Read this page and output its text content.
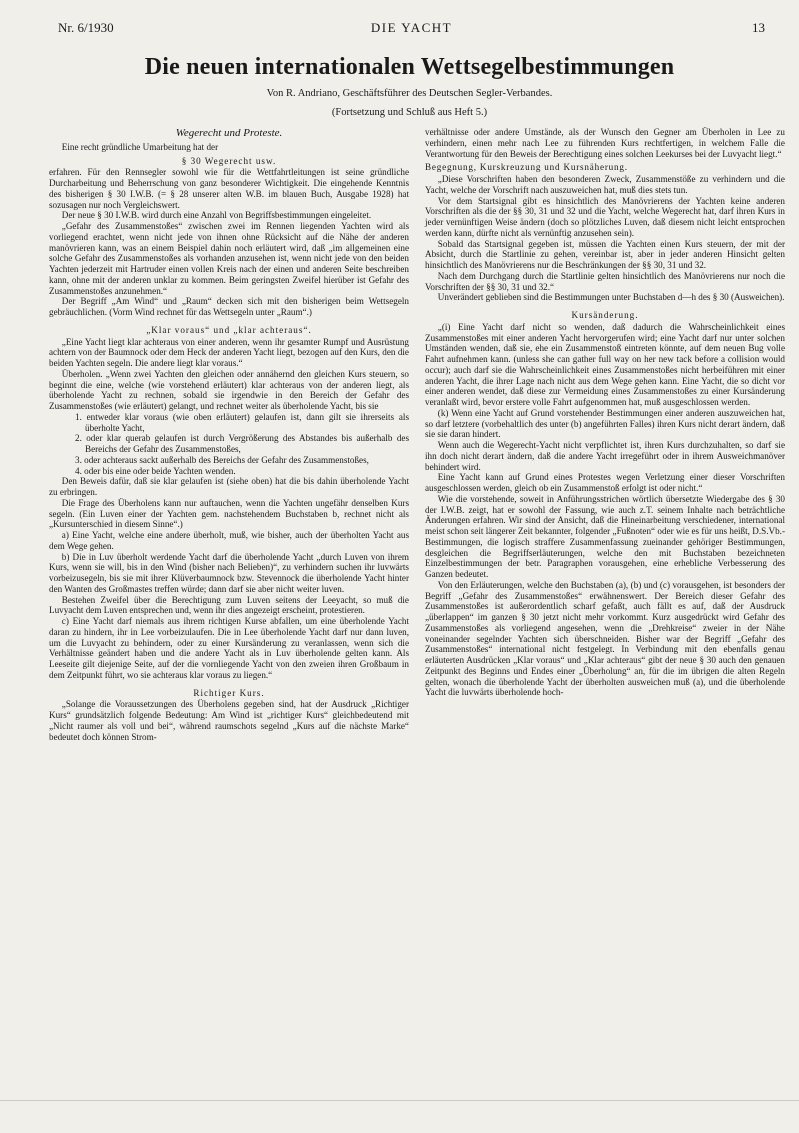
Nr. 6/1930	DIE YACHT	13
Die neuen internationalen Wettsegelbestimmungen
Von R. Andriano, Geschäftsführer des Deutschen Segler-Verbandes.
(Fortsetzung und Schluß aus Heft 5.)
Wegerecht und Proteste.

Eine recht gründliche Umarbeitung hat der

§ 30 Wegerecht usw.

erfahren. Für den Rennsegler sowohl wie für die Wettfahrtleitungen ist seine gründliche Durcharbeitung und Beherrschung von ganz besonderer Wichtigkeit. Die eingehende Kenntnis des bisherigen § 30 I.W.B. (= § 28 unserer alten W.B. im blauen Buch, Ausgabe 1928) hat sozusagen nur noch Vergleichswert.

Der neue § 30 I.W.B. wird durch eine Anzahl von Begriffsbestimmungen eingeleitet.

„Gefahr des Zusammenstoßes“ zwischen zwei im Rennen liegenden Yachten wird als vorliegend erachtet, wenn nicht jede von ihnen ohne Rücksicht auf die Nähe der anderen manövrieren kann, was an einem Beispiel dahin noch erläutert wird, daß „im allgemeinen eine solche Gefahr des Zusammenstoßes als vorhanden anzusehen ist, wenn nicht jede von den beiden Yachten jederzeit mit Hartruder einen vollen Kreis nach der einen und anderen Seite beschreiben kann, ohne mit der anderen unklar zu kommen. Beim geringsten Zweifel hierüber ist Gefahr des Zusammenstoßes anzunehmen.“

Der Begriff „Am Wind“ und „Raum“ decken sich mit den bisherigen beim Wettsegeln gebräuchlichen. (Vorm Wind rechnet für das Wettsegeln unter „Raum“.)

„Klar voraus“ und „klar achteraus“.

„Eine Yacht liegt klar achteraus von einer anderen, wenn ihr gesamter Rumpf und Ausrüstung achtern von der Baumnock oder dem Heck der anderen Yacht liegt, bezogen auf den Kurs, den die beiden Yachten segeln. Die andere liegt klar voraus.“

Überholen. „Wenn zwei Yachten den gleichen oder annähernd den gleichen Kurs steuern, so beginnt die eine, welche (wie vorstehend erläutert) klar achteraus von der anderen liegt, als überholende Yacht zu rechnen, sobald sie irgendwie in den Bereich der Gefahr des Zusammenstoßes (wie erläutert) gelangt, und rechnet weiter als überholende Yacht, bis sie

1. entweder klar voraus (wie oben erläutert) gelaufen ist, dann gilt sie ihrerseits als überholte Yacht,
2. oder klar querab gelaufen ist durch Vergrößerung des Abstandes bis außerhalb des Bereichs der Gefahr des Zusammenstoßes,
3. oder achteraus sackt außerhalb des Bereichs der Gefahr des Zusammenstoßes,
4. oder bis eine oder beide Yachten wenden.

Den Beweis dafür, daß sie klar gelaufen ist (siehe oben) hat die bis dahin überholende Yacht zu erbringen.

Die Frage des Überholens kann nur auftauchen, wenn die Yachten ungefähr denselben Kurs segeln. (Ein Luven einer der Yachten gem. nachstehendem Buchstaben b, rechnet nicht als „Kursunterschied in diesem Sinne“.)

a) Eine Yacht, welche eine andere überholt, muß, wie bisher, auch der überholten Yacht aus dem Wege gehen.

b) Die in Luv überholt werdende Yacht darf die überholende Yacht „durch Luven von ihrem Kurs, wenn sie will, bis in den Wind (bisher nach Belieben)“, zu verhindern suchen ihr luvwärts vorbeizusegeln, bis sie mit ihrer Klüverbaumnock bzw. Stevennock die überholende Yacht hinter den Wanten des Großmastes treffen würde; dann darf sie aber nicht weiter luven.

Bestehen Zweifel über die Berechtigung zum Luven seitens der Leeyacht, so muß die Luvyacht dem Luven entsprechen und, wenn ihr dies angezeigt erscheint, protestieren.

c) Eine Yacht darf niemals aus ihrem richtigen Kurse abfallen, um eine überholende Yacht daran zu hindern, ihr in Lee vorbeizulaufen. Die in Lee überholende Yacht darf nur dann luven, um die Luvyacht zu behindern, oder zu einer Kursänderung zu veranlassen, wenn sich die Verhältnisse geändert haben und die andere Yacht als in Luv überholende gelten kann. Als Leeseite gilt diejenige Seite, auf der die vornliegende Yacht von den zweien ihren Großbaum in dem Zeitpunkt führt, wo sie achteraus klar voraus zu liegen.“

Richtiger Kurs.

„Solange die Voraussetzungen des Überholens gegeben sind, hat der Ausdruck „Richtiger Kurs“ grundsätzlich folgende Bedeutung: Am Wind ist „richtiger Kurs“ gleichbedeutend mit „Nicht raumer als voll und bei“, während raumschots segelnd „Kurs auf die nächste Marke“ bedeutet doch können Strom-

verhältnisse oder andere Umstände, als der Wunsch den Gegner am Überholen in Lee zu verhindern, einen mehr nach Lee zu führenden Kurs rechtfertigen, in welchem Falle die Verantwortung für den Beweis der Berechtigung eines solchen Leekurses bei der Luvyacht liegt.“

Begegnung, Kurskreuzung und Kursnäherung.

„Diese Vorschriften haben den besonderen Zweck, Zusammenstöße zu verhindern und die Yacht, welche der Vorschrift nach auszuweichen hat, muß dies stets tun.

Vor dem Startsignal gibt es hinsichtlich des Manövrierens der Yachten keine anderen Vorschriften als die der §§ 30, 31 und 32 und die Yacht, welche Wegerecht hat, darf ihren Kurs in jeder vernünftigen Weise ändern (doch so plötzliches Luven, daß diesem nicht leicht entsprochen werden kann, dürfte nicht als vernünftig anzusehen sein).

Sobald das Startsignal gegeben ist, müssen die Yachten einen Kurs steuern, der mit der Absicht, durch die Startlinie zu gehen, vereinbar ist, aber in jeder anderen Hinsicht gelten hinsichtlich des Manövrierens nur die Beschränkungen der §§ 30, 31 und 32.

Nach dem Durchgang durch die Startlinie gelten hinsichtlich des Manövrierens nur noch die Vorschriften der §§ 30, 31 und 32.“

Unverändert geblieben sind die Bestimmungen unter Buchstaben d—h des § 30 (Ausweichen).

Kursänderung.

„(i) Eine Yacht darf nicht so wenden, daß dadurch die Wahrscheinlichkeit eines Zusammenstoßes mit einer anderen Yacht hervorgerufen wird; eine Yacht darf nur unter solchen Umständen wenden, daß sie, ehe ein Zusammenstoß eintreten könnte, auf dem neuen Bug volle Fahrt aufnehmen kann. (unless she can gather full way on her new tack before a collision would occur); auch darf sie die Wahrscheinlichkeit eines Zusammenstoßes nicht herbeiführen mit einer anderen Yacht, die ihrer Lage nach nicht aus dem Wege gehen kann. Eine Yacht, die so dicht vor einer anderen wendet, daß diese zur Vermeidung eines Zusammenstoßes zu einer Kursänderung veranlaßt wird, bevor erstere volle Fahrt aufgenommen hat, muß ausgeschlossen werden.

(k) Wenn eine Yacht auf Grund vorstehender Bestimmungen einer anderen auszuweichen hat, so darf letztere (vorbehaltlich des unter (b) angeführten Falles) ihren Kurs nicht derart ändern, daß sie sie daran hindert.

Wenn auch die Wegerecht-Yacht nicht verpflichtet ist, ihren Kurs durchzuhalten, so darf sie ihn doch nicht derart ändern, daß die andere Yacht irregeführt oder in ihrem Ausweichmanöver behindert wird.

Eine Yacht kann auf Grund eines Protestes wegen Verletzung einer dieser Vorschriften ausgeschlossen werden, gleich ob ein Zusammenstoß erfolgt ist oder nicht.“

Wie die vorstehende, soweit in Anführungsstrichen wörtlich übersetzte Wiedergabe des § 30 der I.W.B. zeigt, hat er sowohl der Fassung, wie auch z.T. seinem Inhalte nach beträchtliche Änderungen erfahren. Wir sind der Ansicht, daß die Hineinarbeitung verschiedener, international meist schon seit längerer Zeit bekannter, folgender „Fußnoten“ oder wie es für uns heißt, D.S.Vb.-Bestimmungen, die logisch straffere Zusammenfassung zueinander gehöriger Bestimmungen, desgleichen die Begriffserläuterungen, welche den mit Buchstaben bezeichneten Einzelbestimmungen der betr. Paragraphen vorausgehen, eine erhebliche Verbesserung des Ganzen bedeutet.

Von den Erläuterungen, welche den Buchstaben (a), (b) und (c) vorausgehen, ist besonders der Begriff „Gefahr des Zusammenstoßes“ erwähnenswert. Der Bereich dieser Gefahr des Zusammenstoßes ist außerordentlich scharf gefaßt, auch fällt es auf, daß der Ausdruck „überlappen“ im ganzen § 30 jetzt nicht mehr vorkommt. Kurz ausgedrückt wird Gefahr des Zusammenstoßes als vorliegend angesehen, wenn die „Drehkreise“ zweier in der Nähe voneinander segelnder Yachten sich überschneiden. Bisher war der Begriff „Gefahr des Zusammenstoßes“ international nicht festgelegt. In Verbindung mit den ebenfalls genau erläuterten Ausdrücken „Klar voraus“ und „Klar achteraus“ gibt der neue § 30 auch den genauen Zeitpunkt des Beginns und Endes einer „Überholung“ an, für die im übrigen die alten Regeln gelten, wonach die überholende Yacht der überholten ausweichen muß (a), und die überholende Yacht die luvwärts überholende hoch-
